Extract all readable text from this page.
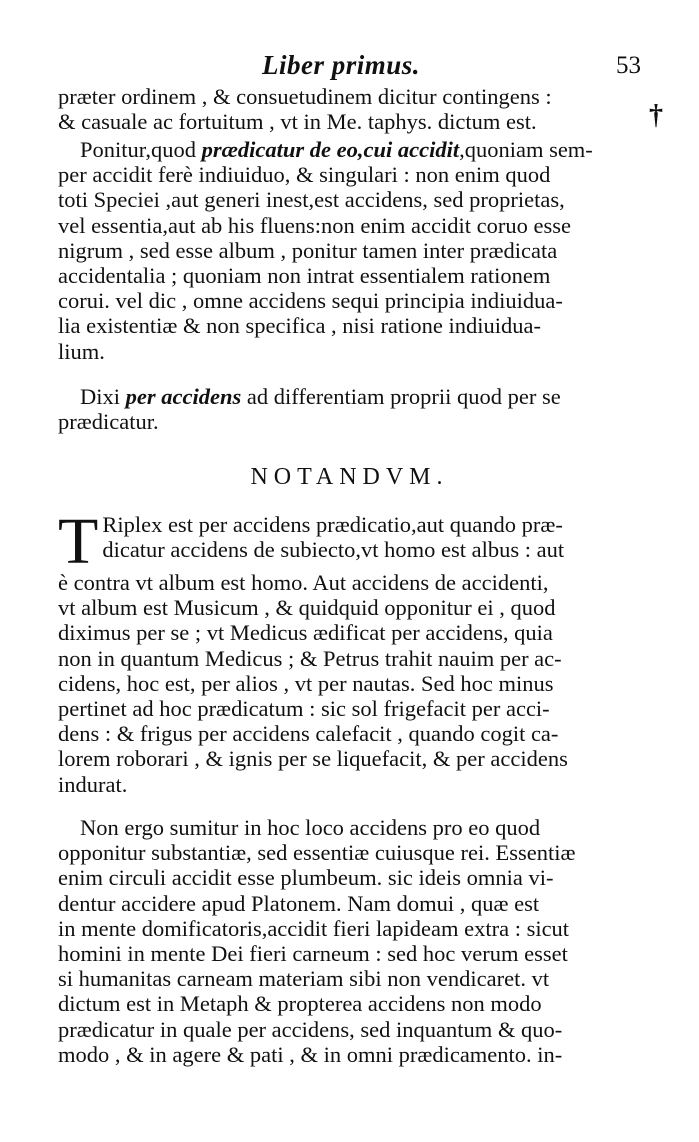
Liber primus.	53
†
præter ordinem , & consuetudinem dicitur contingens :
& casuale ac fortuitum , vt in Me. taphys. dictum est.
Ponitur,quod prædicatur de eo,cui accidit,quoniam sem-
per accidit ferè indiuiduo, & singulari : non enim quod
toti Speciei ,aut generi inest,est accidens, sed proprietas,
vel essentia,aut ab his fluens:non enim accidit coruo esse
nigrum , sed esse album , ponitur tamen inter prædicata
accidentalia ; quoniam non intrat essentialem rationem
corui. vel dic , omne accidens sequi principia indiuidua-
lia existentiæ & non specifica , nisi ratione indiuidua-
lium.
Dixi per accidens ad differentiam proprii quod per se
prædicatur.
NOTANDVM.
T Riplex est per accidens prædicatio,aut quando præ-
dicatur accidens de subiecto,vt homo est albus : aut
è contra vt album est homo. Aut accidens de accidenti,
vt album est Musicum , & quidquid opponitur ei , quod
diximus per se ; vt Medicus ædificat per accidens, quia
non in quantum Medicus ; & Petrus trahit nauim per ac-
cidens, hoc est, per alios , vt per nautas. Sed hoc minus
pertinet ad hoc prædicatum : sic sol frigefacit per acci-
dens : & frigus per accidens calefacit , quando cogit ca-
lorem roborari , & ignis per se liquefacit, & per accidens
indurat.
Non ergo sumitur in hoc loco accidens pro eo quod
opponitur substantiæ, sed essentiæ cuiusque rei. Essentiæ
enim circuli accidit esse plumbeum. sic ideis omnia vi-
dentur accidere apud Platonem. Nam domui , quæ est
in mente domificatoris,accidit fieri lapideam extra : sicut
homini in mente Dei fieri carneum : sed hoc verum esset
si humanitas carneam materiam sibi non vendicaret. vt
dictum est in Metaph & propterea accidens non modo
prædicatur in quale per accidens, sed inquantum & quo-
modo , & in agere & pati , & in omni prædicamento. in-
